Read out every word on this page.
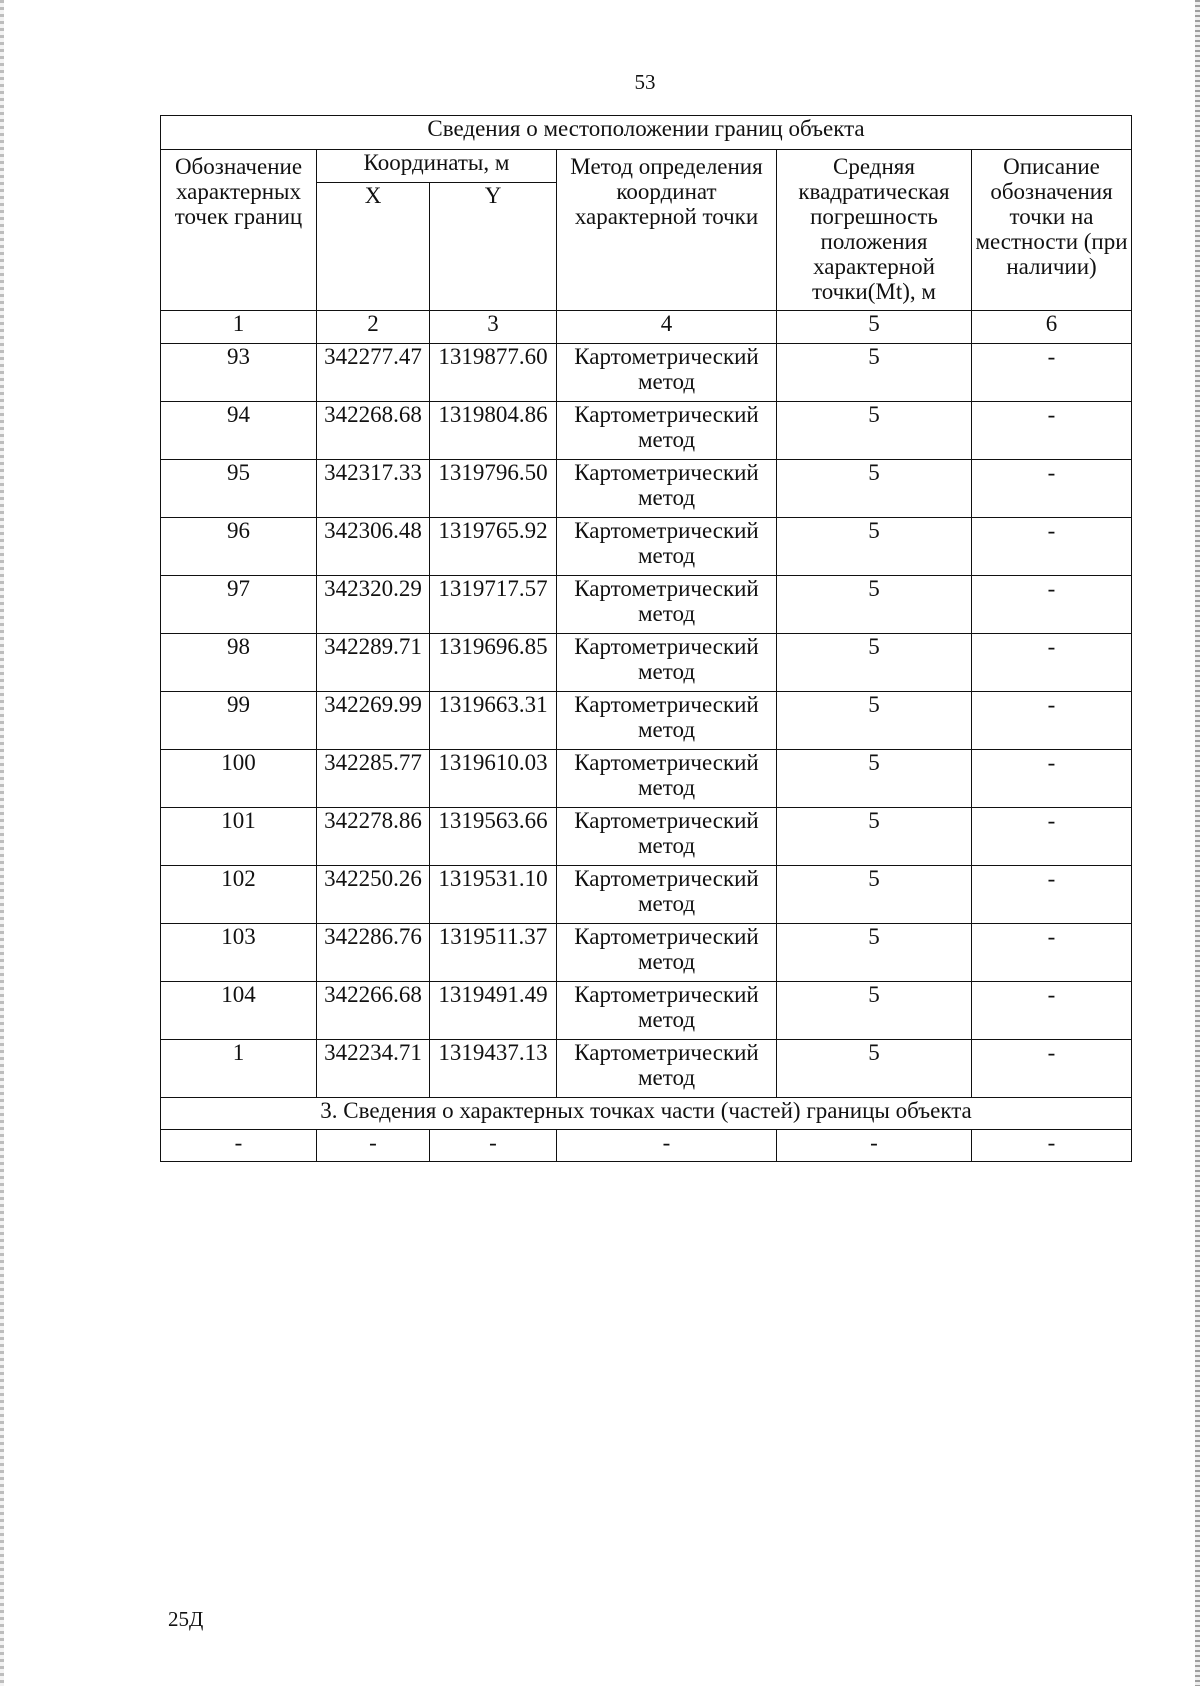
53
Сведения о местоположении границ объекта					
Обозначение характерных точек границ	Координаты, м		Метод определения координат характерной точки	Средняя квадратическая погрешность положения характерной точки(Mt), м	Описание обозначения точки на местности (при наличии)
	X	Y			
1	2	3	4	5	6
93	342277.47	1319877.60	Картометрический метод	5	-
94	342268.68	1319804.86	Картометрический метод	5	-
95	342317.33	1319796.50	Картометрический метод	5	-
96	342306.48	1319765.92	Картометрический метод	5	-
97	342320.29	1319717.57	Картометрический метод	5	-
98	342289.71	1319696.85	Картометрический метод	5	-
99	342269.99	1319663.31	Картометрический метод	5	-
100	342285.77	1319610.03	Картометрический метод	5	-
101	342278.86	1319563.66	Картометрический метод	5	-
102	342250.26	1319531.10	Картометрический метод	5	-
103	342286.76	1319511.37	Картометрический метод	5	-
104	342266.68	1319491.49	Картометрический метод	5	-
1	342234.71	1319437.13	Картометрический метод	5	-
3. Сведения о характерных точках части (частей) границы объекта					
-	-	-	-	-	-
25Д
